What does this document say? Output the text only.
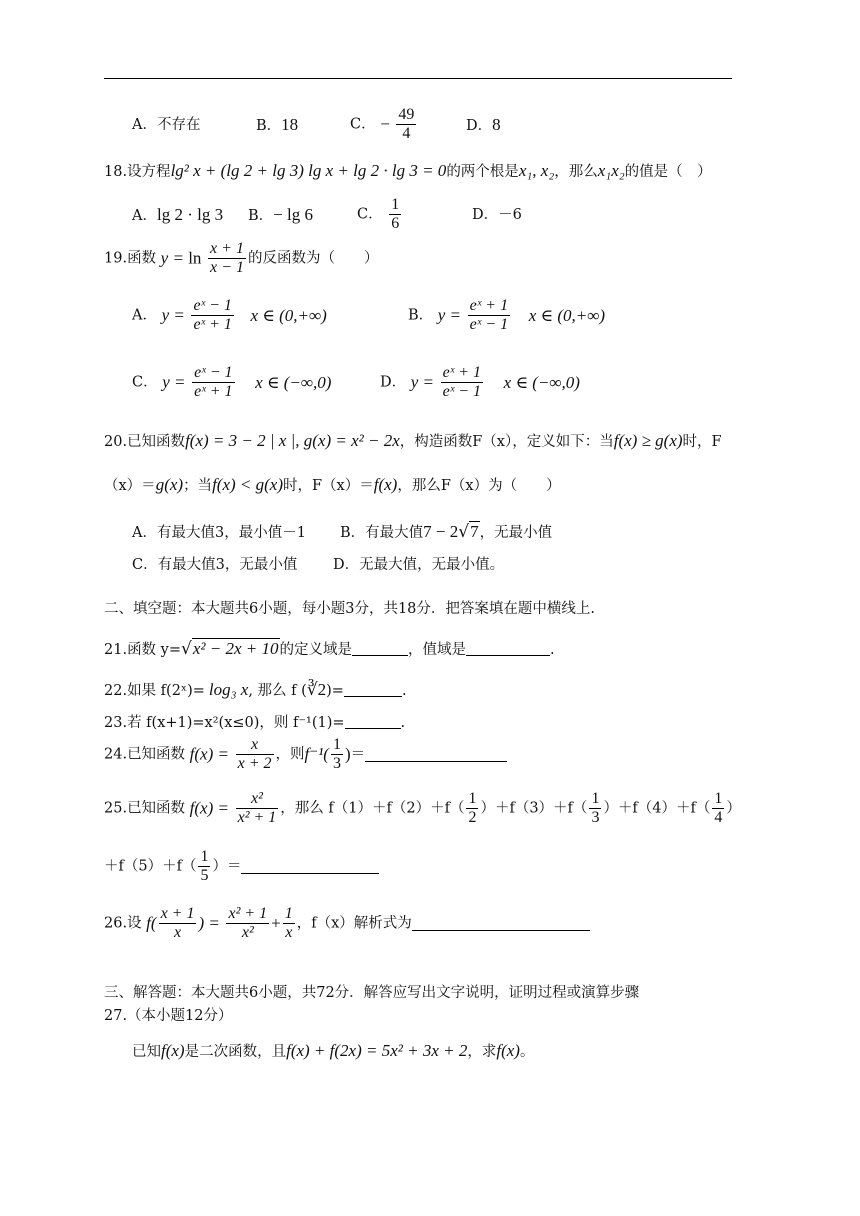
A．不存在	B．18	C． − $\frac{49}{4}$	D．8
18.设方程lg² x + (lg 2 + lg 3) lg x + lg 2 · lg 3 = 0的两个根是x₁, x₂，那么x₁x₂的值是（　）
A．lg 2 · lg 3 B．− lg 6	C． $\frac{1}{6}$	D．－6
19.函数 $y = \ln \frac{x + 1}{x - 1}$ 的反函数为（　　）
A． $y = \frac{\text{eˣ − 1}}{\text{eˣ + 1}}$ x ∈ (0,+∞)	B． $y = \frac{\text{eˣ + 1}}{\text{eˣ − 1}}$ x ∈ (0,+∞)
C． $y = \frac{\text{eˣ − 1}}{\text{eˣ + 1}}$ x ∈ (−∞,0)	D． $y = \frac{\text{eˣ + 1}}{\text{eˣ − 1}}$ x ∈ (−∞,0)
20.已知函数f(x) = 3 − 2 | x |, g(x) = x² − 2x，构造函数F（x），定义如下：当f(x) ≥ g(x)时，F
（x）＝g(x)；当f(x) < g(x)时，F（x）＝f(x)，那么F（x）为（　　）
A．有最大值3，最小值－1 B．有最大值7 − 2√7，无最小值
C．有最大值3，无最小值 D．无最大值，无最小值。
二、填空题：本大题共6小题，每小题3分，共18分．把答案填在题中横线上.
21.函数 y=√x² − 2x + 10的定义域是	，值域是	.
22.如果 f(2ˣ)= log₃ x, 那么 f (∛2)=	.
23.若 f(x+1)=x²(x≤0)，则 f⁻¹(1)=	.
24.已知函数 $f(x) = \frac{x}{x + 2}$ ，则$f^{-1}( \frac{1}{3}$ )＝
25.已知函数 $f(x) = \frac{\text{x²}}{\text{x² + 1}}$ ，那么 $f(1)+f(2)+f( \frac{1}{2} )+f(3)+f( \frac{1}{3} )+f(4)+f( \frac{1}{4}$ ）
$+f(5)+f( \frac{1}{5}$ ）＝
26.设 $f( \frac{x + 1}{x}$ ) = $\frac{\text{x² + 1}}{\text{x²}} + \frac{1}{x}$ ，f（x）解析式为
三、解答题：本大题共6小题，共72分．解答应写出文字说明，证明过程或演算步骤
27.（本小题12分）
已知f(x)是二次函数，且f(x) + f(2x) = 5x² + 3x + 2，求f(x)。
